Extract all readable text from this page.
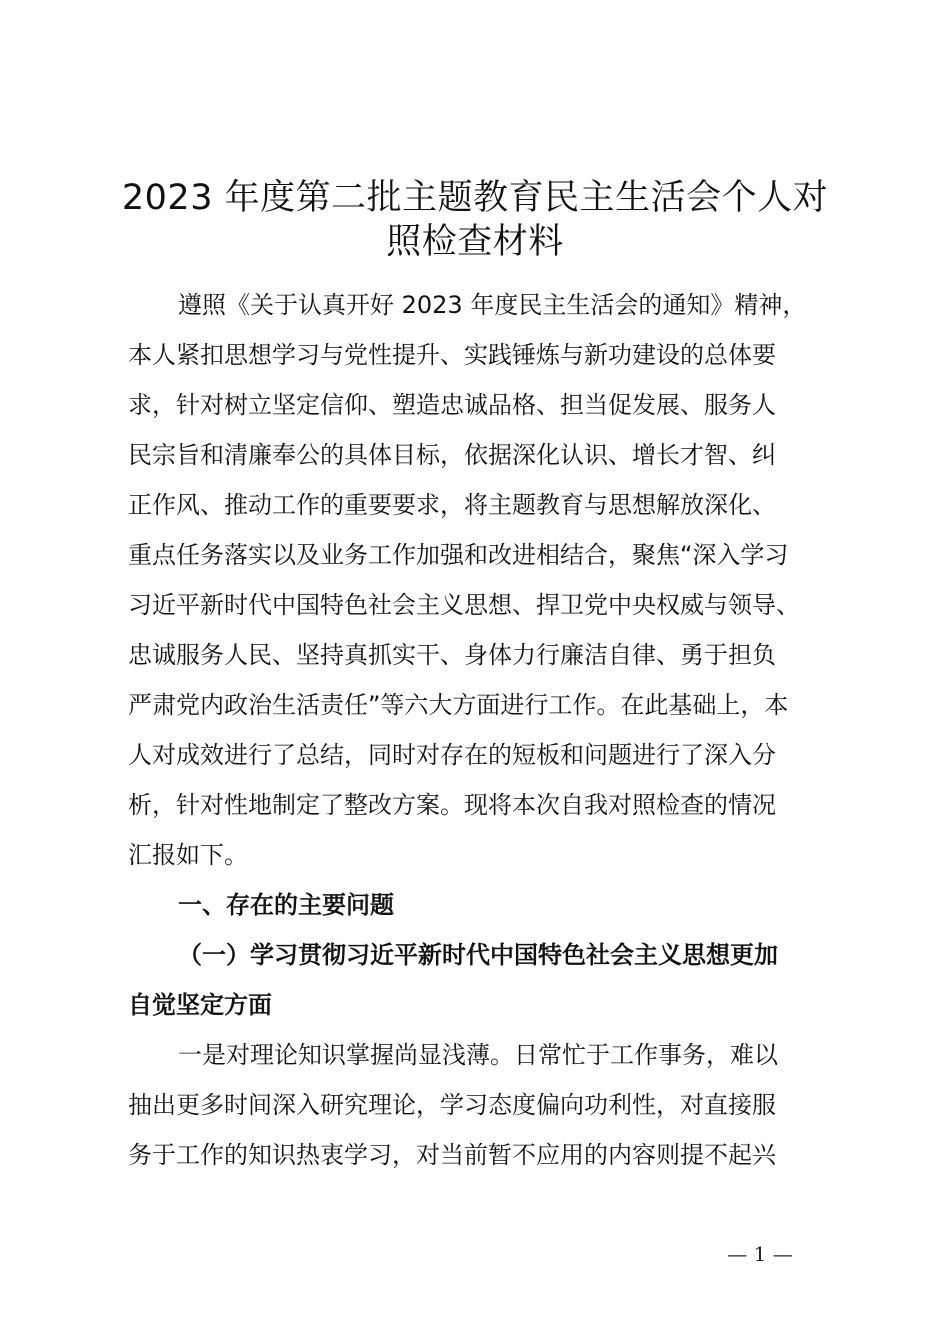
2023 年度第二批主题教育民主生活会个人对
照检查材料

遵照《关于认真开好 2023 年度民主生活会的通知》精神，
本人紧扣思想学习与党性提升、实践锤炼与新功建设的总体要
求，针对树立坚定信仰、塑造忠诚品格、担当促发展、服务人
民宗旨和清廉奉公的具体目标，依据深化认识、增长才智、纠
正作风、推动工作的重要要求，将主题教育与思想解放深化、
重点任务落实以及业务工作加强和改进相结合，聚焦“深入学习
习近平新时代中国特色社会主义思想、捍卫党中央权威与领导、
忠诚服务人民、坚持真抓实干、身体力行廉洁自律、勇于担负
严肃党内政治生活责任”等六大方面进行工作。在此基础上，本
人对成效进行了总结，同时对存在的短板和问题进行了深入分
析，针对性地制定了整改方案。现将本次自我对照检查的情况
汇报如下。

一、存在的主要问题

（一）学习贯彻习近平新时代中国特色社会主义思想更加
自觉坚定方面

一是对理论知识掌握尚显浅薄。日常忙于工作事务，难以
抽出更多时间深入研究理论，学习态度偏向功利性，对直接服
务于工作的知识热衷学习，对当前暂不应用的内容则提不起兴

— 1 —
